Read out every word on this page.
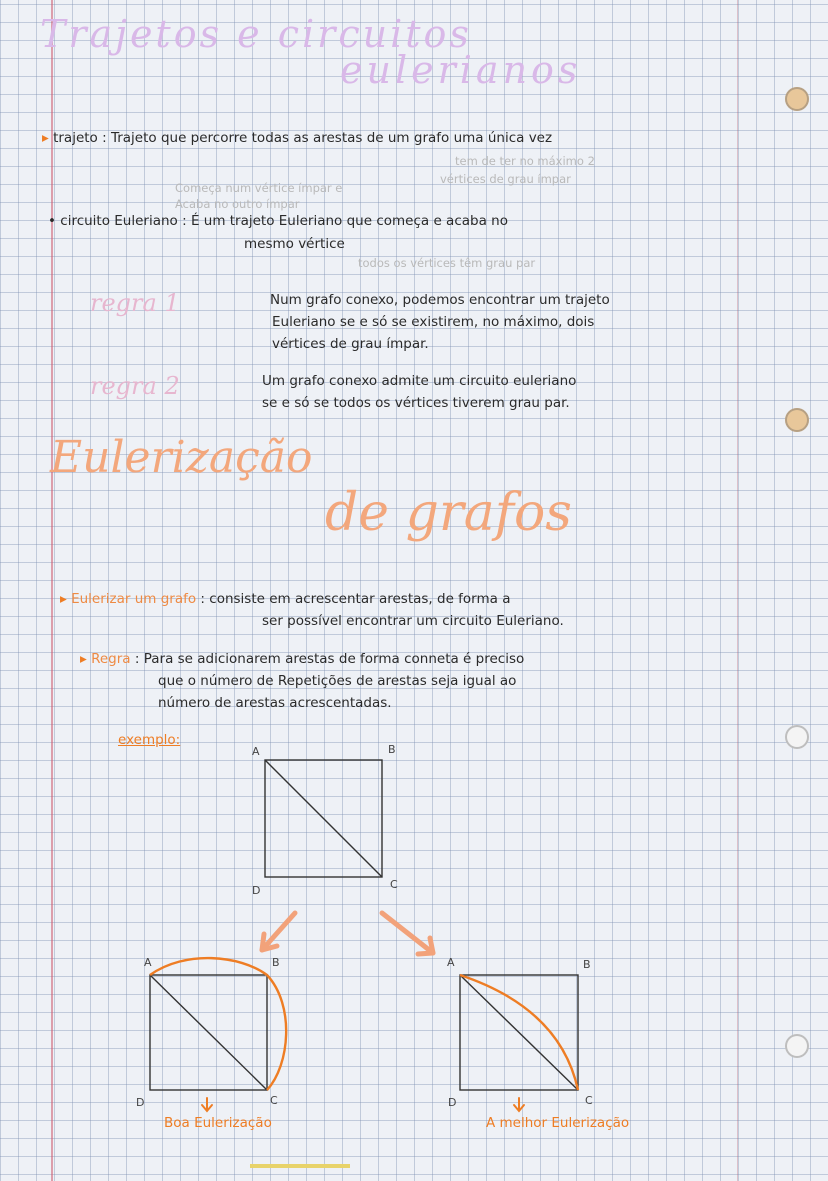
Trajetos e circuitos
eulerianos
▸ trajeto : Trajeto que percorre todas as arestas de um grafo uma única vez
Começa num vértice ímpar e
Acaba no outro ímpar
tem de ter no máximo 2
vértices de grau ímpar
• circuito Euleriano : É um trajeto Euleriano que começa e acaba no
mesmo vértice
todos os vértices têm grau par
regra 1	Num grafo conexo, podemos encontrar um trajeto
Euleriano se e só se existirem, no máximo, dois
vértices de grau ímpar.
regra 2	Um grafo conexo admite um circuito euleriano
se e só se todos os vértices tiverem grau par.
Eulerização
de grafos
▸ Eulerizar um grafo : consiste em acrescentar arestas, de forma a
ser possível encontrar um circuito Euleriano.
▸ Regra : Para se adicionarem arestas de forma conneta é preciso
que o número de Repetições de arestas seja igual ao
número de arestas acrescentadas.
exemplo:
A	B
C
D
A	B
C
D
A	B
C
D
Boa Eulerização	A melhor Eulerização
